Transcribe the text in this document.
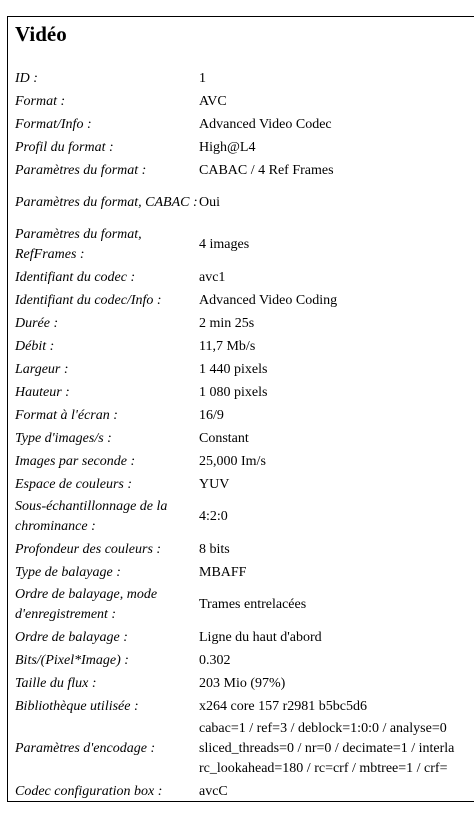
Vidéo
ID :	1
Format :	AVC
Format/Info :	Advanced Video Codec
Profil du format :	High@L4
Paramètres du format :	CABAC / 4 Ref Frames
Paramètres du format, CABAC : Oui
Paramètres du format, RefFrames :
4 images
Identifiant du codec :	avc1
Identifiant du codec/Info :	Advanced Video Coding
Durée :	2 min 25s
Débit :	11,7 Mb/s
Largeur :	1 440 pixels
Hauteur :	1 080 pixels
Format à l'écran :	16/9
Type d'images/s :	Constant
Images par seconde :	25,000 Im/s
Espace de couleurs :	YUV
Sous-échantillonnage de la chrominance :
4:2:0
Profondeur des couleurs :	8 bits
Type de balayage :	MBAFF
Ordre de balayage, mode d'enregistrement :
Trames entrelacées
Ordre de balayage :	Ligne du haut d'abord
Bits/(Pixel*Image) :	0.302
Taille du flux :	203 Mio (97%)
Bibliothèque utilisée :	x264 core 157 r2981 b5bc5d6
Paramètres d'encodage :
cabac=1 / ref=3 / deblock=1:0:0 / analyse=0
sliced_threads=0 / nr=0 / decimate=1 / interla
rc_lookahead=180 / rc=crf / mbtree=1 / crf=
Codec configuration box :	avcC
